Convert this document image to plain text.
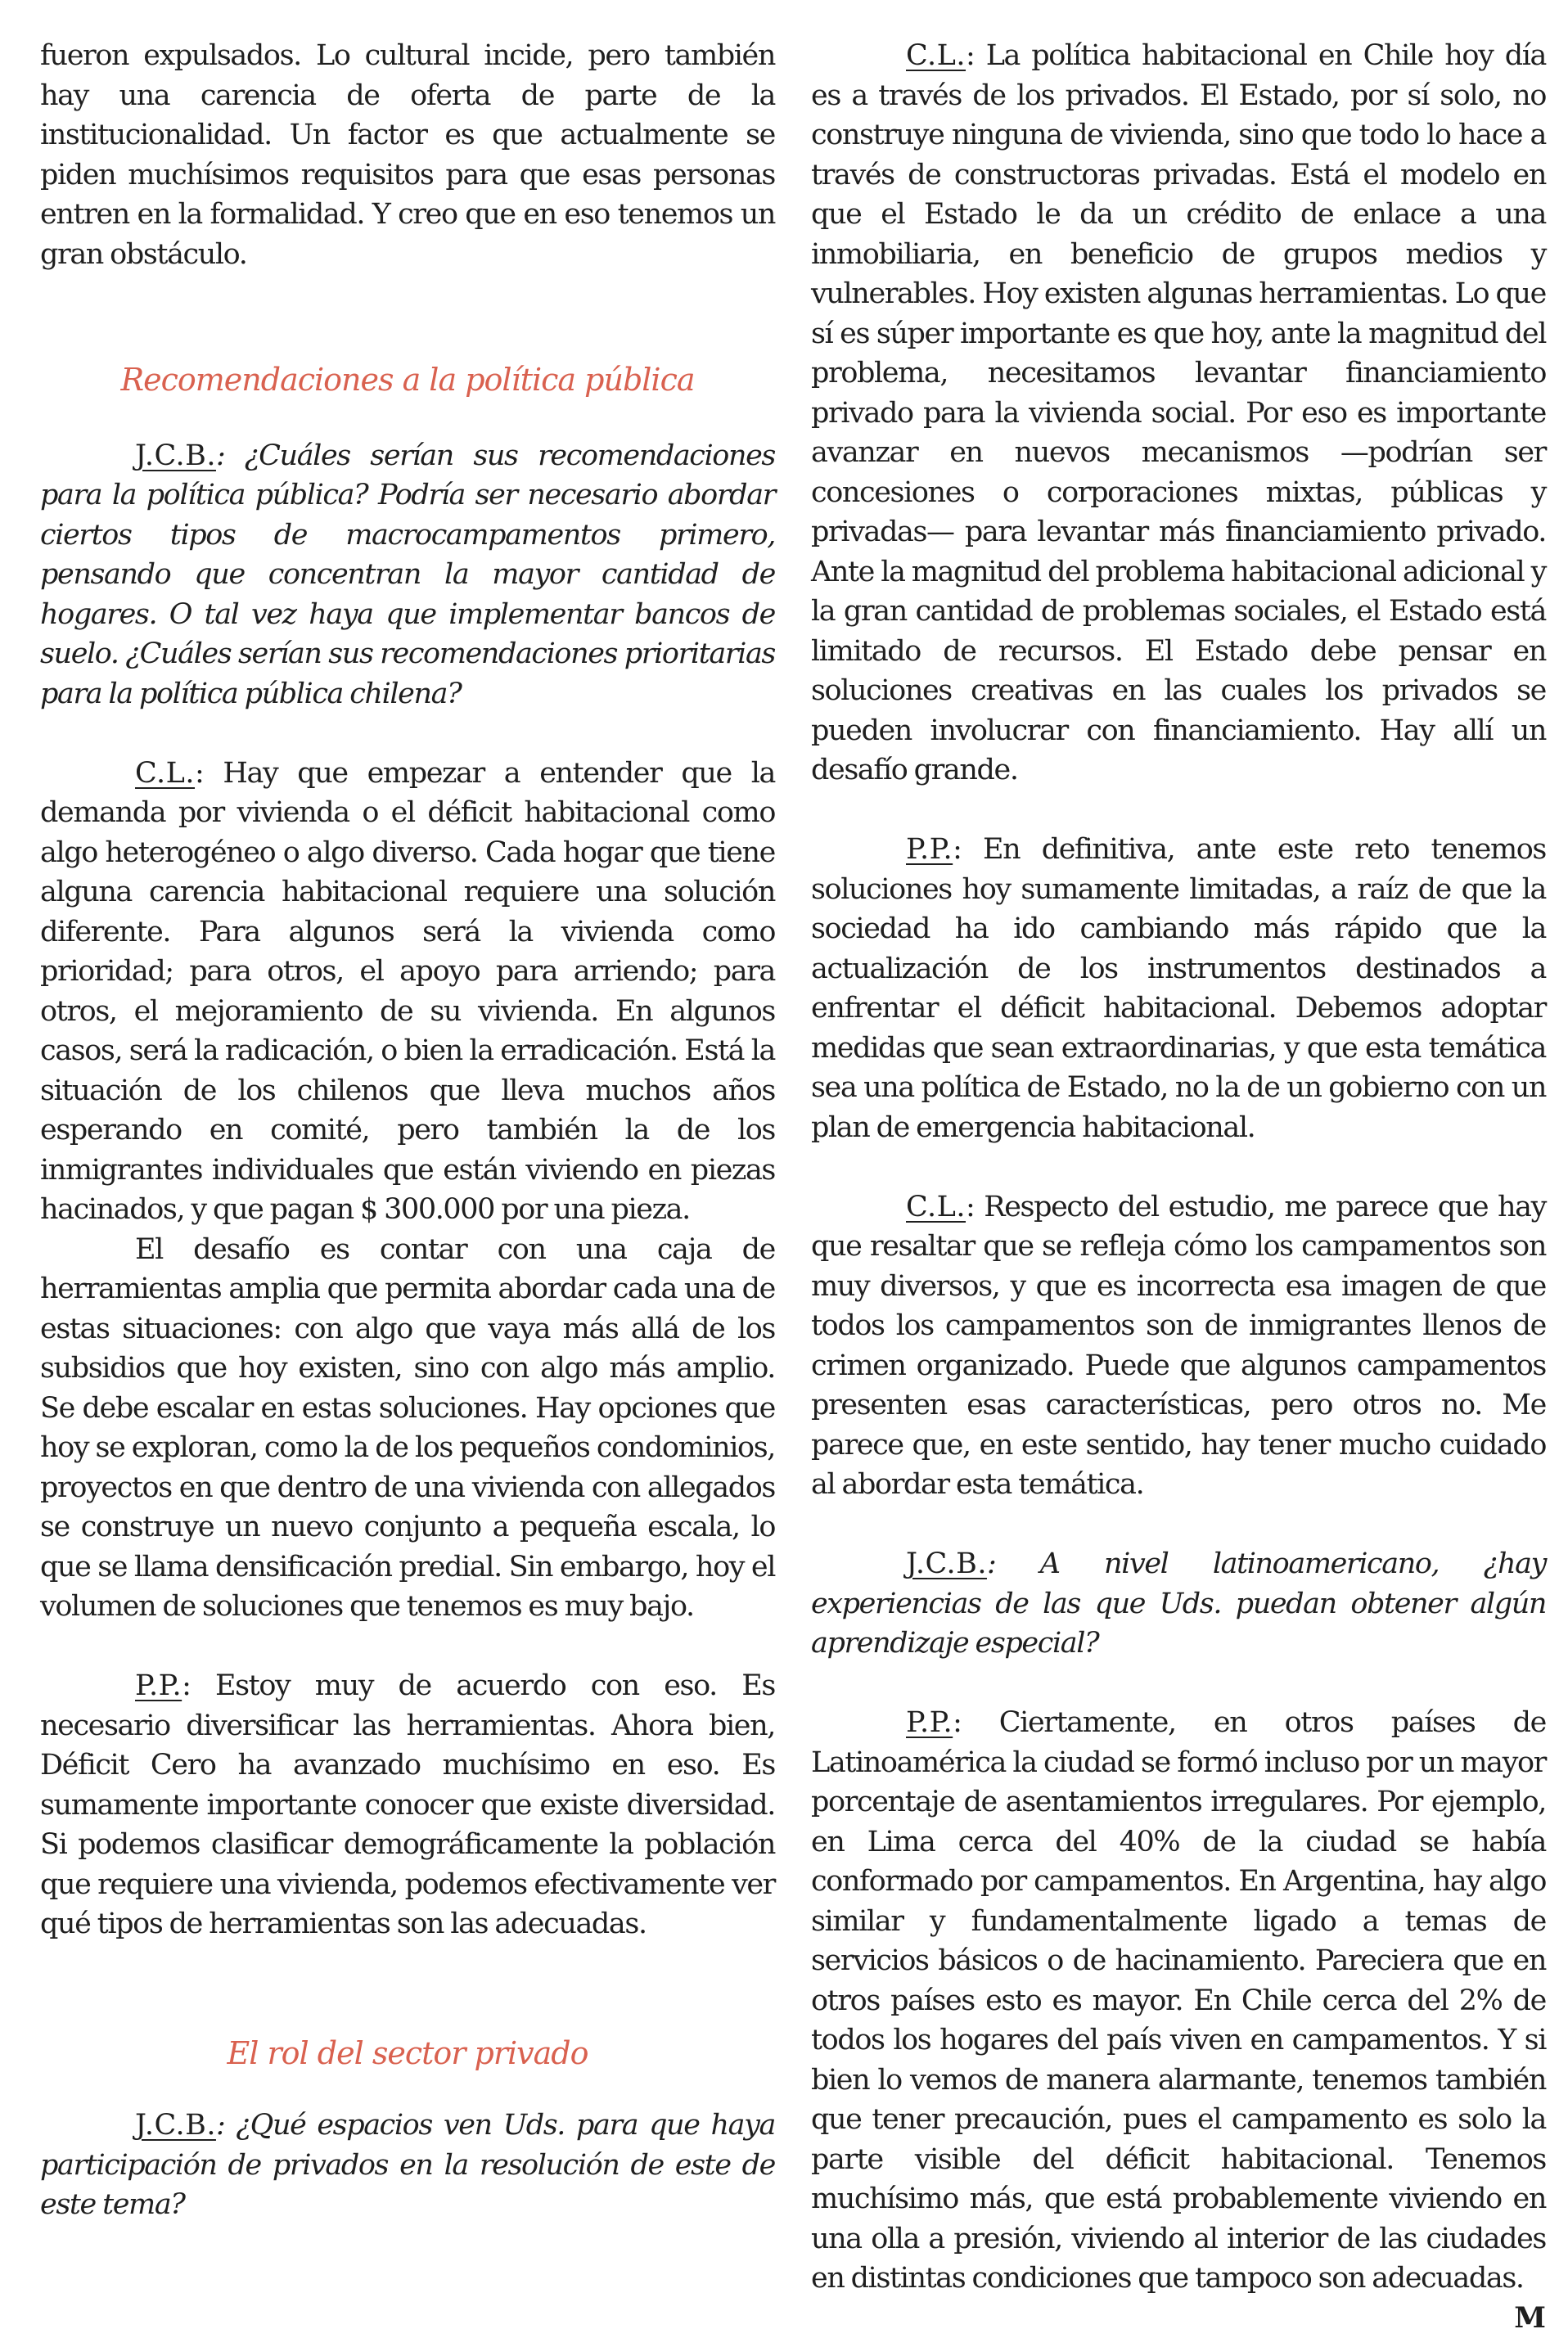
fueron expulsados. Lo cultural incide, pero también hay una carencia de oferta de parte de la institucionalidad. Un factor es que actualmente se piden muchísimos requisitos para que esas personas entren en la formalidad. Y creo que en eso tenemos un gran obstáculo.

Recomendaciones a la política pública

J.C.B.: ¿Cuáles serían sus recomendaciones para la política pública? Podría ser necesario abordar ciertos tipos de macrocampamentos primero, pensando que concentran la mayor cantidad de hogares. O tal vez haya que implementar bancos de suelo. ¿Cuáles serían sus recomendaciones prioritarias para la política pública chilena?

C.L.: Hay que empezar a entender que la demanda por vivienda o el déficit habitacional como algo heterogéneo o algo diverso. Cada hogar que tiene alguna carencia habitacional requiere una solución diferente. Para algunos será la vivienda como prioridad; para otros, el apoyo para arriendo; para otros, el mejoramiento de su vivienda. En algunos casos, será la radicación, o bien la erradicación. Está la situación de los chilenos que lleva muchos años esperando en comité, pero también la de los inmigrantes individuales que están viviendo en piezas hacinados, y que pagan $ 300.000 por una pieza.

El desafío es contar con una caja de herramientas amplia que permita abordar cada una de estas situaciones: con algo que vaya más allá de los subsidios que hoy existen, sino con algo más amplio. Se debe escalar en estas soluciones. Hay opciones que hoy se exploran, como la de los pequeños condominios, proyectos en que dentro de una vivienda con allegados se construye un nuevo conjunto a pequeña escala, lo que se llama densificación predial. Sin embargo, hoy el volumen de soluciones que tenemos es muy bajo.

P.P.: Estoy muy de acuerdo con eso. Es necesario diversificar las herramientas. Ahora bien, Déficit Cero ha avanzado muchísimo en eso. Es sumamente importante conocer que existe diversidad. Si podemos clasificar demográficamente la población que requiere una vivienda, podemos efectivamente ver qué tipos de herramientas son las adecuadas.

El rol del sector privado

J.C.B.: ¿Qué espacios ven Uds. para que haya participación de privados en la resolución de este de este tema?

C.L.: La política habitacional en Chile hoy día es a través de los privados. El Estado, por sí solo, no construye ninguna de vivienda, sino que todo lo hace a través de constructoras privadas. Está el modelo en que el Estado le da un crédito de enlace a una inmobiliaria, en beneficio de grupos medios y vulnerables. Hoy existen algunas herramientas. Lo que sí es súper importante es que hoy, ante la magnitud del problema, necesitamos levantar financiamiento privado para la vivienda social. Por eso es importante avanzar en nuevos mecanismos —podrían ser concesiones o corporaciones mixtas, públicas y privadas— para levantar más financiamiento privado. Ante la magnitud del problema habitacional adicional y la gran cantidad de problemas sociales, el Estado está limitado de recursos. El Estado debe pensar en soluciones creativas en las cuales los privados se pueden involucrar con financiamiento. Hay allí un desafío grande.

P.P.: En definitiva, ante este reto tenemos soluciones hoy sumamente limitadas, a raíz de que la sociedad ha ido cambiando más rápido que la actualización de los instrumentos destinados a enfrentar el déficit habitacional. Debemos adoptar medidas que sean extraordinarias, y que esta temática sea una política de Estado, no la de un gobierno con un plan de emergencia habitacional.

C.L.: Respecto del estudio, me parece que hay que resaltar que se refleja cómo los campamentos son muy diversos, y que es incorrecta esa imagen de que todos los campamentos son de inmigrantes llenos de crimen organizado. Puede que algunos campamentos presenten esas características, pero otros no. Me parece que, en este sentido, hay tener mucho cuidado al abordar esta temática.

J.C.B.: A nivel latinoamericano, ¿hay experiencias de las que Uds. puedan obtener algún aprendizaje especial?

P.P.: Ciertamente, en otros países de Latinoamérica la ciudad se formó incluso por un mayor porcentaje de asentamientos irregulares. Por ejemplo, en Lima cerca del 40% de la ciudad se había conformado por campamentos. En Argentina, hay algo similar y fundamentalmente ligado a temas de servicios básicos o de hacinamiento. Pareciera que en otros países esto es mayor. En Chile cerca del 2% de todos los hogares del país viven en campamentos. Y si bien lo vemos de manera alarmante, tenemos también que tener precaución, pues el campamento es solo la parte visible del déficit habitacional. Tenemos muchísimo más, que está probablemente viviendo en una olla a presión, viviendo al interior de las ciudades en distintas condiciones que tampoco son adecuadas.
M
